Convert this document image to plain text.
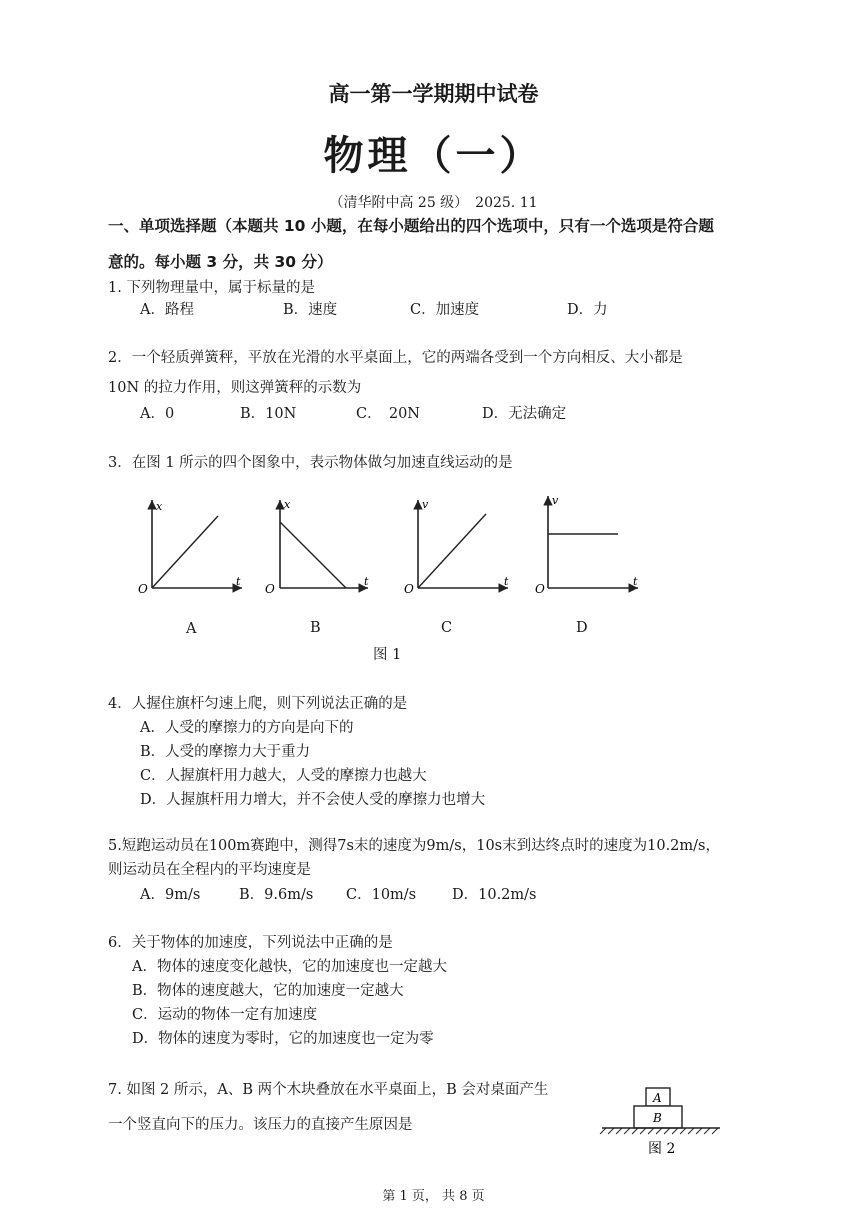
高一第一学期期中试卷
物理（一）
（清华附中高 25 级）　2025. 11
一、单项选择题（本题共 10 小题，在每小题给出的四个选项中，只有一个选项是符合题
意的。每小题 3 分，共 30 分）
1. 下列物理量中，属于标量的是
A．路程	B．速度	C．加速度	D．力
2．一个轻质弹簧秤，平放在光滑的水平桌面上，它的两端各受到一个方向相反、大小都是
10N 的拉力作用，则这弹簧秤的示数为
A．0	B．10N	C．　20N	D．无法确定
3．在图 1 所示的四个图象中，表示物体做匀加速直线运动的是
x
t
O
x
t
O
v
t
O
v
t
O
A	B	C	D
图 1
4．人握住旗杆匀速上爬，则下列说法正确的是
A．人受的摩擦力的方向是向下的
B．人受的摩擦力大于重力
C．人握旗杆用力越大，人受的摩擦力也越大
D．人握旗杆用力增大，并不会使人受的摩擦力也增大
5.短跑运动员在100m赛跑中，测得7s末的速度为9m/s，10s末到达终点时的速度为10.2m/s，
则运动员在全程内的平均速度是
A．9m/s	B．9.6m/s C．10m/s D．10.2m/s
6．关于物体的加速度，下列说法中正确的是
A．物体的速度变化越快，它的加速度也一定越大
B．物体的速度越大，它的加速度一定越大
C．运动的物体一定有加速度
D．物体的速度为零时，它的加速度也一定为零
7. 如图 2 所示，A、B 两个木块叠放在水平桌面上，B 会对桌面产生
一个竖直向下的压力。该压力的直接产生原因是
A
B
图 2
第 1 页， 共 8 页
